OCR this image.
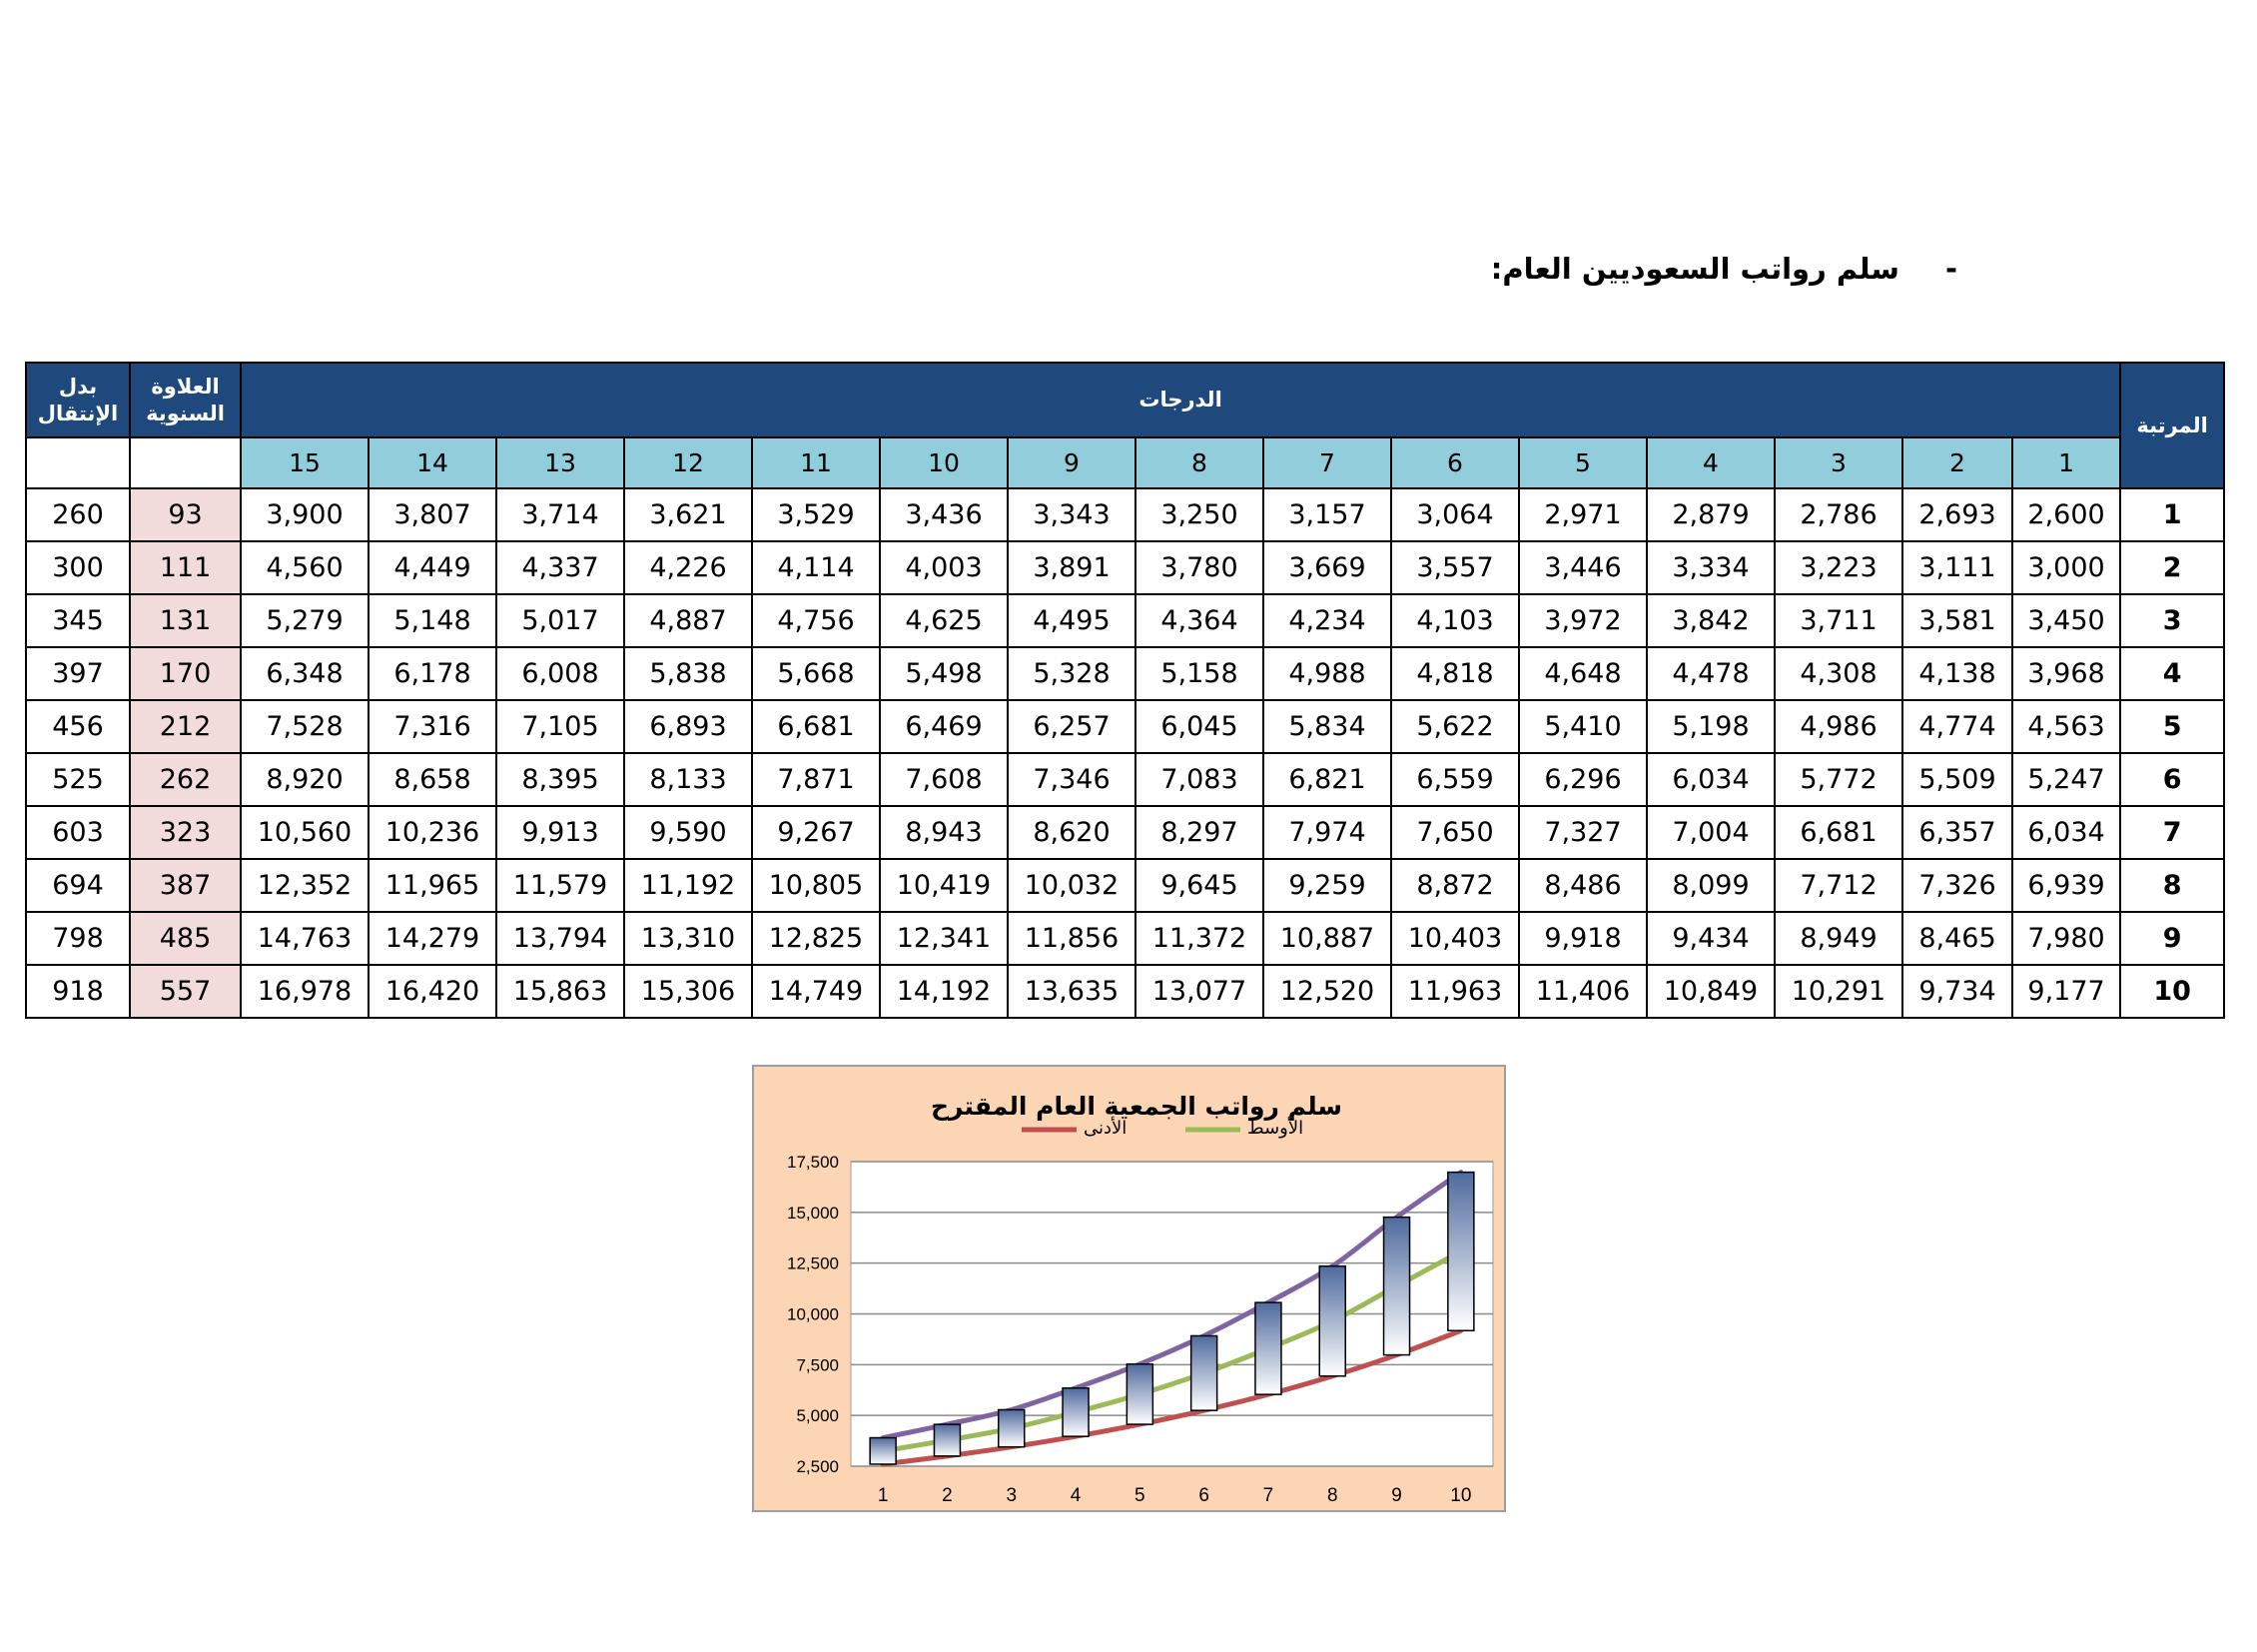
-
سلم رواتب السعوديين العام:
بدل الإنتقال	العلاوة السنوية	الدرجات															المرتبة
		15	14	13	12	11	10	9	8	7	6	5	4	3	2	1	
260	93	3,900	3,807	3,714	3,621	3,529	3,436	3,343	3,250	3,157	3,064	2,971	2,879	2,786	2,693	2,600	1
300	111	4,560	4,449	4,337	4,226	4,114	4,003	3,891	3,780	3,669	3,557	3,446	3,334	3,223	3,111	3,000	2
345	131	5,279	5,148	5,017	4,887	4,756	4,625	4,495	4,364	4,234	4,103	3,972	3,842	3,711	3,581	3,450	3
397	170	6,348	6,178	6,008	5,838	5,668	5,498	5,328	5,158	4,988	4,818	4,648	4,478	4,308	4,138	3,968	4
456	212	7,528	7,316	7,105	6,893	6,681	6,469	6,257	6,045	5,834	5,622	5,410	5,198	4,986	4,774	4,563	5
525	262	8,920	8,658	8,395	8,133	7,871	7,608	7,346	7,083	6,821	6,559	6,296	6,034	5,772	5,509	5,247	6
603	323	10,560	10,236	9,913	9,590	9,267	8,943	8,620	8,297	7,974	7,650	7,327	7,004	6,681	6,357	6,034	7
694	387	12,352	11,965	11,579	11,192	10,805	10,419	10,032	9,645	9,259	8,872	8,486	8,099	7,712	7,326	6,939	8
798	485	14,763	14,279	13,794	13,310	12,825	12,341	11,856	11,372	10,887	10,403	9,918	9,434	8,949	8,465	7,980	9
918	557	16,978	16,420	15,863	15,306	14,749	14,192	13,635	13,077	12,520	11,963	11,406	10,849	10,291	9,734	9,177	10
2,500
5,000
7,500
10,000
12,500
15,000
17,500
1	2	3	4	5	6	7	8	9	10
سلم رواتب الجمعية العام المقترح
الأدنى	الأوسط
